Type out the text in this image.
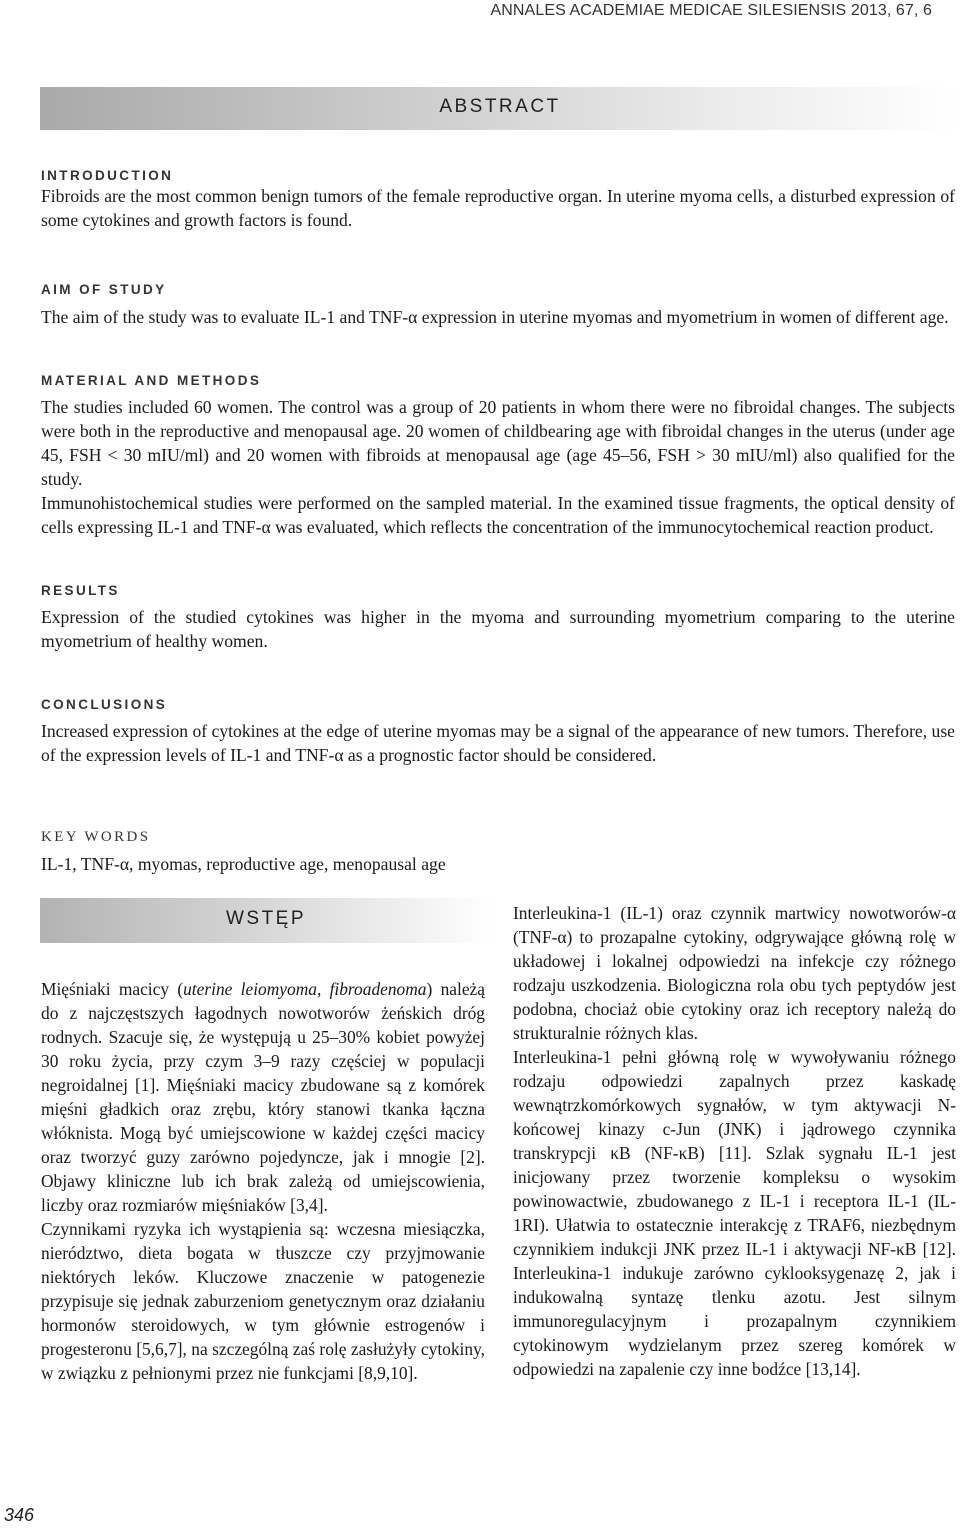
ANNALES ACADEMIAE MEDICAE SILESIENSIS 2013, 67, 6

ABSTRACT
INTRODUCTION

Fibroids are the most common benign tumors of the female reproductive organ. In uterine myoma cells, a disturbed expression of some cytokines and growth factors is found.

AIM OF STUDY

The aim of the study was to evaluate IL-1 and TNF-α expression in uterine myomas and myometrium in women of different age.

MATERIAL AND METHODS

The studies included 60 women. The control was a group of 20 patients in whom there were no fibroidal changes. The subjects were both in the reproductive and menopausal age. 20 women of childbearing age with fibroidal changes in the uterus (under age 45, FSH < 30 mIU/ml) and 20 women with fibroids at menopausal age (age 45–56, FSH > 30 mIU/ml) also qualified for the study.

Immunohistochemical studies were performed on the sampled material. In the examined tissue fragments, the optical density of cells expressing IL-1 and TNF-α was evaluated, which reflects the concentration of the immunocytochemical reaction product.

RESULTS

Expression of the studied cytokines was higher in the myoma and surrounding myometrium comparing to the uterine myometrium of healthy women.

CONCLUSIONS

Increased expression of cytokines at the edge of uterine myomas may be a signal of the appearance of new tumors. Therefore, use of the expression levels of IL-1 and TNF-α as a prognostic factor should be considered.

KEY WORDS

IL-1, TNF-α, myomas, reproductive age, menopausal age

WSTĘP

Mięśniaki macicy (uterine leiomyoma, fibroadenoma) należą do z najczęstszych łagodnych nowotworów żeńskich dróg rodnych. Szacuje się, że występują u 25–30% kobiet powyżej 30 roku życia, przy czym 3–9 razy częściej w populacji negroidalnej [1]. Mięśniaki macicy zbudowane są z komórek mięśni gładkich oraz zrębu, który stanowi tkanka łączna włóknista. Mogą być umiejscowione w każdej części macicy oraz tworzyć guzy zarówno pojedyncze, jak i mnogie [2]. Objawy kliniczne lub ich brak zależą od umiejscowienia, liczby oraz rozmiarów mięśniaków [3,4].

Czynnikami ryzyka ich wystąpienia są: wczesna miesiączka, nierództwo, dieta bogata w tłuszcze czy przyjmowanie niektórych leków. Kluczowe znaczenie w patogenezie przypisuje się jednak zaburzeniom genetycznym oraz działaniu hormonów steroidowych, w tym głównie estrogenów i progesteronu [5,6,7], na szczególną zaś rolę zasłużyły cytokiny, w związku z pełnionymi przez nie funkcjami [8,9,10].

Interleukina-1 (IL-1) oraz czynnik martwicy nowotworów-α (TNF-α) to prozapalne cytokiny, odgrywające główną rolę w układowej i lokalnej odpowiedzi na infekcje czy różnego rodzaju uszkodzenia. Biologiczna rola obu tych peptydów jest podobna, chociaż obie cytokiny oraz ich receptory należą do strukturalnie różnych klas.

Interleukina-1 pełni główną rolę w wywoływaniu różnego rodzaju odpowiedzi zapalnych przez kaskadę wewnątrzkomórkowych sygnałów, w tym aktywacji N-końcowej kinazy c-Jun (JNK) i jądrowego czynnika transkrypcji κB (NF-κB) [11]. Szlak sygnału IL-1 jest inicjowany przez tworzenie kompleksu o wysokim powinowactwie, zbudowanego z IL-1 i receptora IL-1 (IL-1RI). Ułatwia to ostatecznie interakcję z TRAF6, niezbędnym czynnikiem indukcji JNK przez IL-1 i aktywacji NF-κB [12]. Interleukina-1 indukuje zarówno cyklooksygenazę 2, jak i indukowalną syntazę tlenku azotu. Jest silnym immunoregulacyjnym i prozapalnym czynnikiem cytokinowym wydzielanym przez szereg komórek w odpowiedzi na zapalenie czy inne bodźce [13,14].

346
